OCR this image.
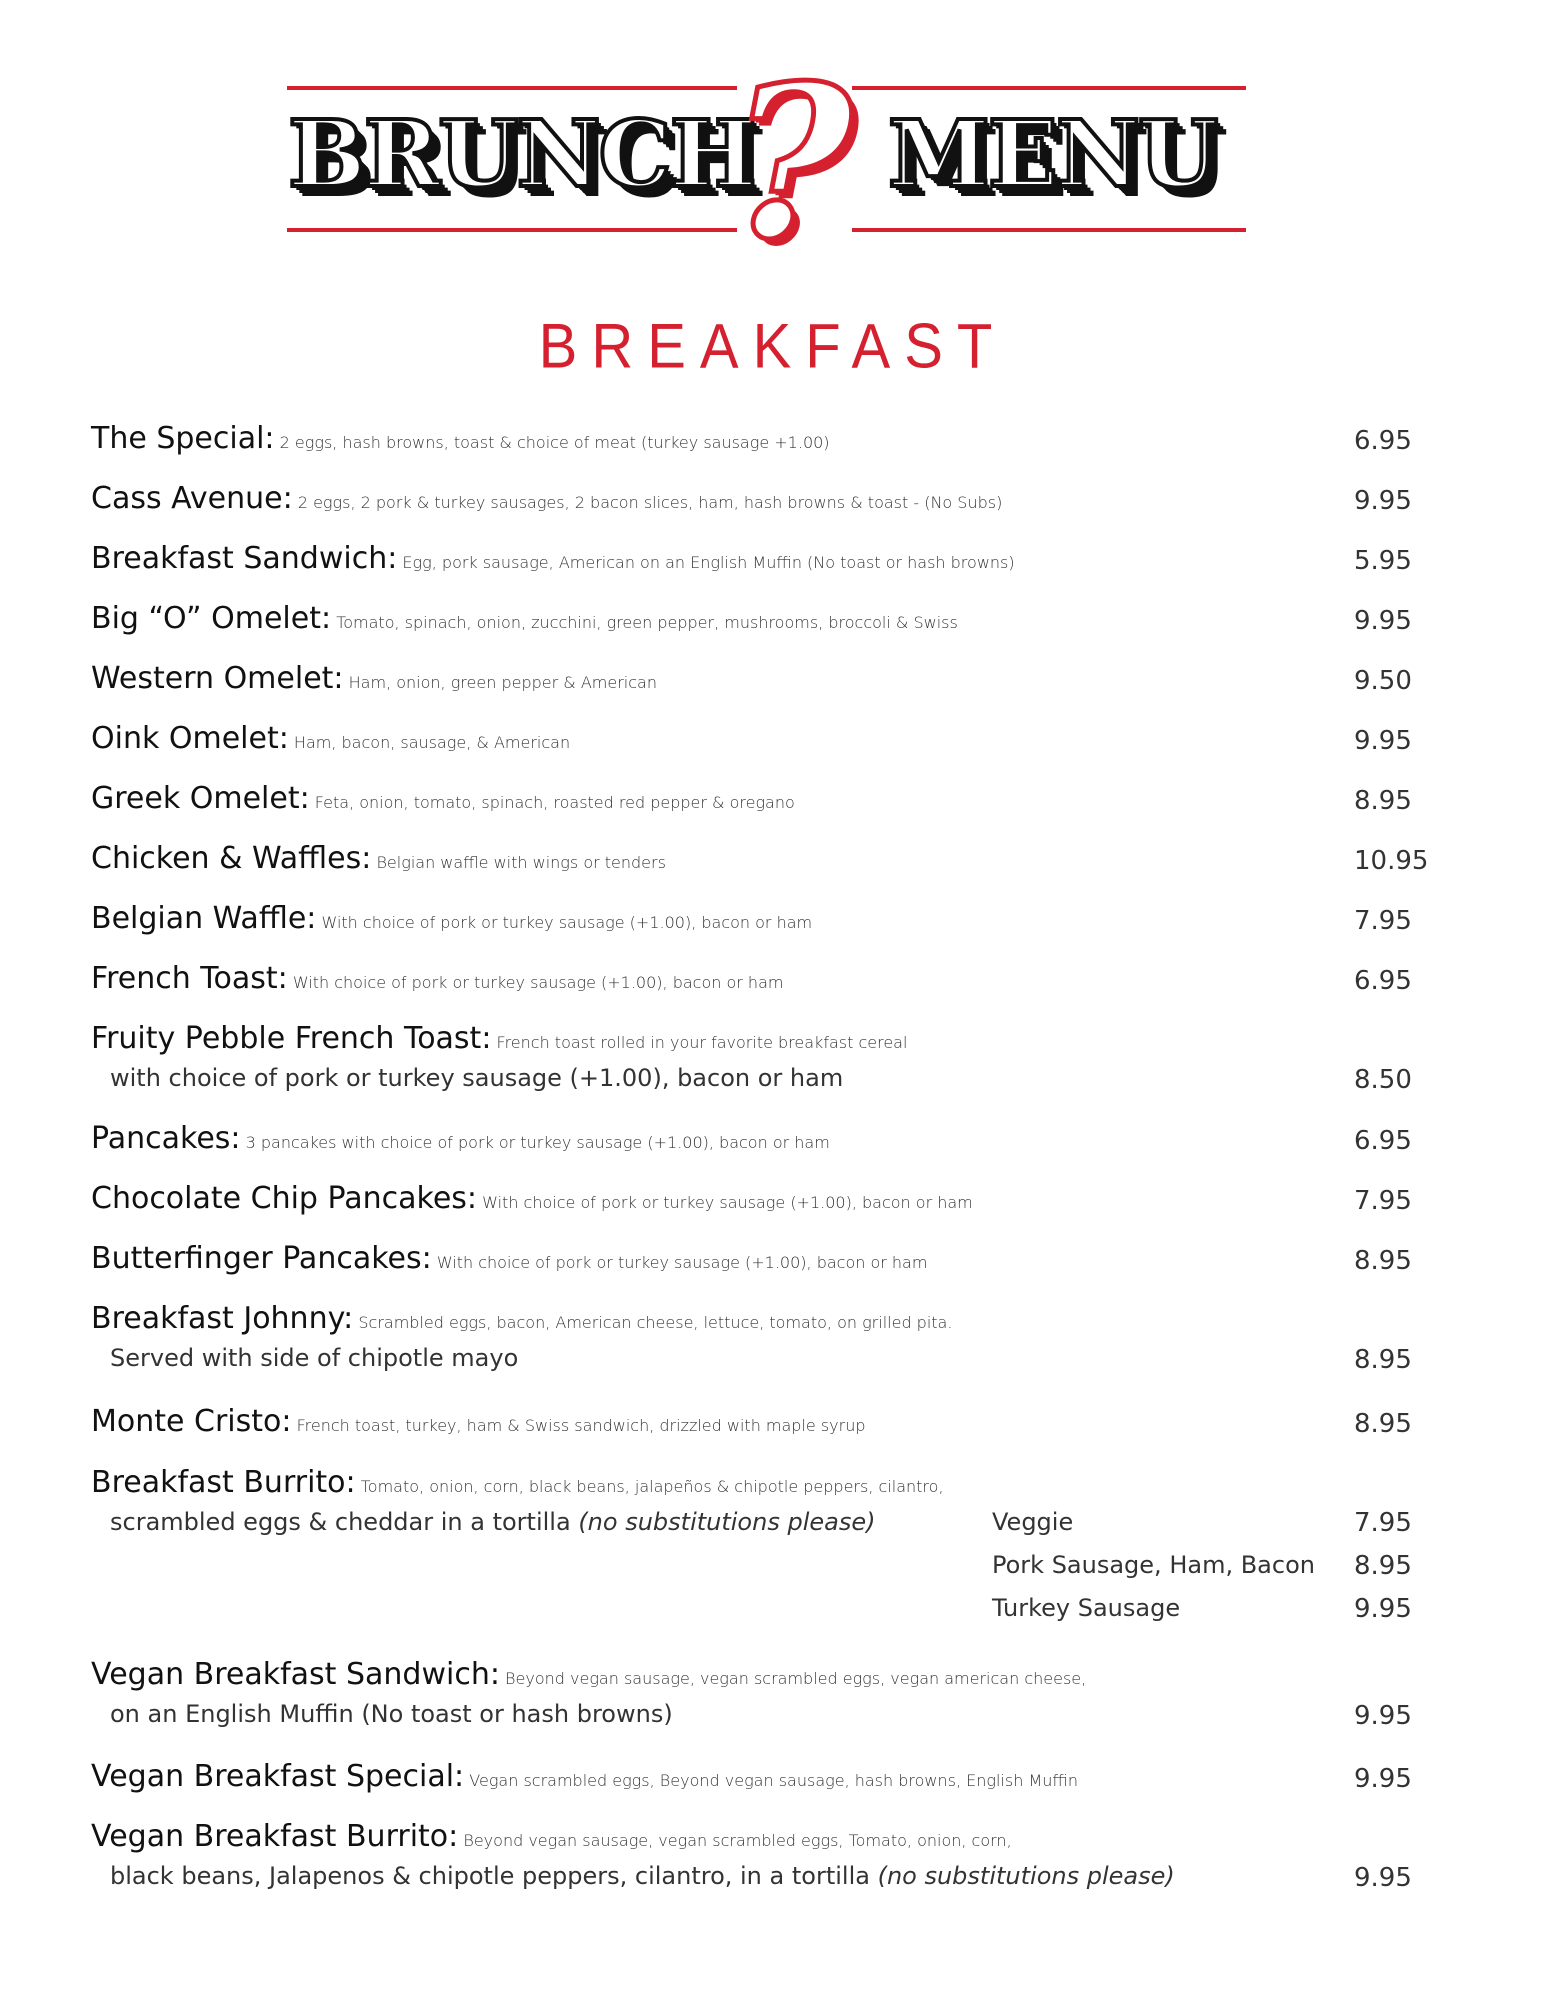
BRUNCH
? MENU
BREAKFAST
The Special: 2 eggs, hash browns, toast & choice of meat (turkey sausage +1.00)	6.95
Cass Avenue: 2 eggs, 2 pork & turkey sausages, 2 bacon slices, ham, hash browns & toast - (No Subs)	9.95
Breakfast Sandwich: Egg, pork sausage, American on an English Muffin (No toast or hash browns)	5.95
Big “O” Omelet: Tomato, spinach, onion, zucchini, green pepper, mushrooms, broccoli & Swiss	9.95
Western Omelet: Ham, onion, green pepper & American	9.50
Oink Omelet: Ham, bacon, sausage, & American	9.95
Greek Omelet: Feta, onion, tomato, spinach, roasted red pepper & oregano	8.95
Chicken & Waffles: Belgian waffle with wings or tenders	10.95
Belgian Waffle: With choice of pork or turkey sausage (+1.00), bacon or ham	7.95
French Toast: With choice of pork or turkey sausage (+1.00), bacon or ham	6.95
Fruity Pebble French Toast: French toast rolled in your favorite breakfast cereal
with choice of pork or turkey sausage (+1.00), bacon or ham	8.50
Pancakes: 3 pancakes with choice of pork or turkey sausage (+1.00), bacon or ham	6.95
Chocolate Chip Pancakes: With choice of pork or turkey sausage (+1.00), bacon or ham	7.95
Butterfinger Pancakes: With choice of pork or turkey sausage (+1.00), bacon or ham	8.95
Breakfast Johnny: Scrambled eggs, bacon, American cheese, lettuce, tomato, on grilled pita.
Served with side of chipotle mayo	8.95
Monte Cristo: French toast, turkey, ham & Swiss sandwich, drizzled with maple syrup	8.95
Breakfast Burrito: Tomato, onion, corn, black beans, jalapeños & chipotle peppers, cilantro,
scrambled eggs & cheddar in a tortilla (no substitutions please)	Veggie	7.95
Pork Sausage, Ham, Bacon 8.95
Turkey Sausage	9.95
Vegan Breakfast Sandwich: Beyond vegan sausage, vegan scrambled eggs, vegan american cheese,
on an English Muffin (No toast or hash browns)	9.95
Vegan Breakfast Special: Vegan scrambled eggs, Beyond vegan sausage, hash browns, English Muffin	9.95
Vegan Breakfast Burrito: Beyond vegan sausage, vegan scrambled eggs, Tomato, onion, corn,
black beans, Jalapenos & chipotle peppers, cilantro, in a tortilla (no substitutions please)	9.95
